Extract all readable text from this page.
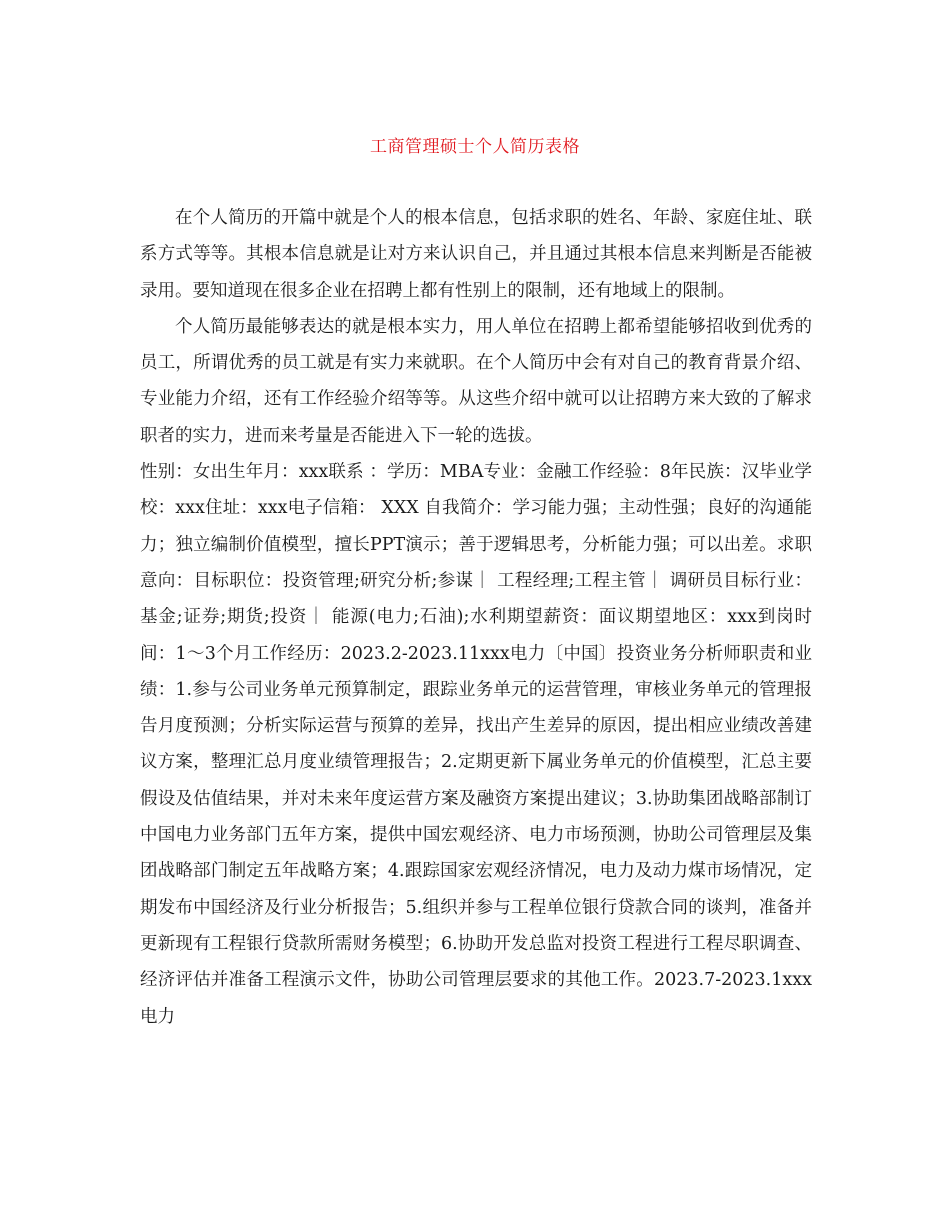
工商管理硕士个人简历表格

在个人简历的开篇中就是个人的根本信息，包括求职的姓名、年龄、家庭住址、联系方式等等。其根本信息就是让对方来认识自己，并且通过其根本信息来判断是否能被录用。要知道现在很多企业在招聘上都有性别上的限制，还有地域上的限制。

个人简历最能够表达的就是根本实力，用人单位在招聘上都希望能够招收到优秀的员工，所谓优秀的员工就是有实力来就职。在个人简历中会有对自己的教育背景介绍、专业能力介绍，还有工作经验介绍等等。从这些介绍中就可以让招聘方来大致的了解求职者的实力，进而来考量是否能进入下一轮的选拔。

性别：女出生年月：xxx联系 ：学历：MBA专业：金融工作经验：8年民族：汉毕业学校：xxx住址：xxx电子信箱： XXX 自我简介：学习能力强；主动性强；良好的沟通能力；独立编制价值模型，擅长PPT演示；善于逻辑思考，分析能力强；可以出差。求职意向：目标职位：投资管理;研究分析;参谋｜ 工程经理;工程主管｜ 调研员目标行业：基金;证券;期货;投资｜ 能源(电力;石油);水利期望薪资：面议期望地区：xxx到岗时间：1～3个月工作经历：2023.2-2023.11xxx电力〔中国〕投资业务分析师职责和业绩：1.参与公司业务单元预算制定，跟踪业务单元的运营管理，审核业务单元的管理报告月度预测；分析实际运营与预算的差异，找出产生差异的原因，提出相应业绩改善建议方案，整理汇总月度业绩管理报告；2.定期更新下属业务单元的价值模型，汇总主要假设及估值结果，并对未来年度运营方案及融资方案提出建议；3.协助集团战略部制订中国电力业务部门五年方案，提供中国宏观经济、电力市场预测，协助公司管理层及集团战略部门制定五年战略方案；4.跟踪国家宏观经济情况，电力及动力煤市场情况，定期发布中国经济及行业分析报告；5.组织并参与工程单位银行贷款合同的谈判，准备并更新现有工程银行贷款所需财务模型；6.协助开发总监对投资工程进行工程尽职调查、经济评估并准备工程演示文件，协助公司管理层要求的其他工作。2023.7-2023.1xxx电力
